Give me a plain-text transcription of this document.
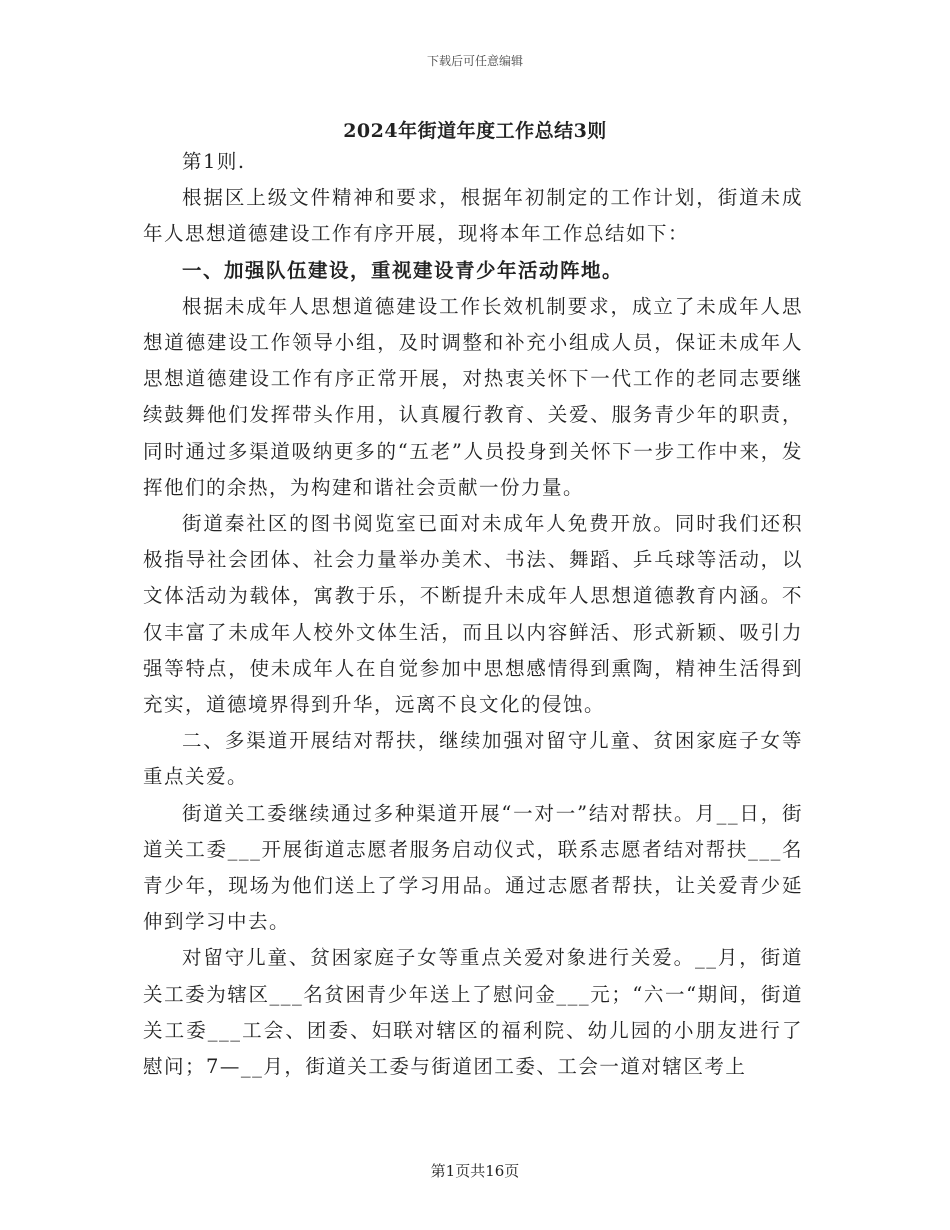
下载后可任意编辑
2024年街道年度工作总结3则

第1则.

根据区上级文件精神和要求，根据年初制定的工作计划，街道未成年人思想道德建设工作有序开展，现将本年工作总结如下：

一、加强队伍建设，重视建设青少年活动阵地。

根据未成年人思想道德建设工作长效机制要求，成立了未成年人思想道德建设工作领导小组，及时调整和补充小组成人员，保证未成年人思想道德建设工作有序正常开展，对热衷关怀下一代工作的老同志要继续鼓舞他们发挥带头作用，认真履行教育、关爱、服务青少年的职责，同时通过多渠道吸纳更多的“五老”人员投身到关怀下一步工作中来，发挥他们的余热，为构建和谐社会贡献一份力量。

街道秦社区的图书阅览室已面对未成年人免费开放。同时我们还积极指导社会团体、社会力量举办美术、书法、舞蹈、乒乓球等活动，以文体活动为载体，寓教于乐，不断提升未成年人思想道德教育内涵。不仅丰富了未成年人校外文体生活，而且以内容鲜活、形式新颖、吸引力强等特点，使未成年人在自觉参加中思想感情得到熏陶，精神生活得到充实，道德境界得到升华，远离不良文化的侵蚀。

二、多渠道开展结对帮扶，继续加强对留守儿童、贫困家庭子女等重点关爱。

街道关工委继续通过多种渠道开展“一对一”结对帮扶。月__日，街道关工委___开展街道志愿者服务启动仪式，联系志愿者结对帮扶___名青少年，现场为他们送上了学习用品。通过志愿者帮扶，让关爱青少延伸到学习中去。

对留守儿童、贫困家庭子女等重点关爱对象进行关爱。__月，街道关工委为辖区___名贫困青少年送上了慰问金___元；“六一“期间，街道关工委___工会、团委、妇联对辖区的福利院、幼儿园的小朋友进行了慰问；7—__月，街道关工委与街道团工委、工会一道对辖区考上

第1页共16页
